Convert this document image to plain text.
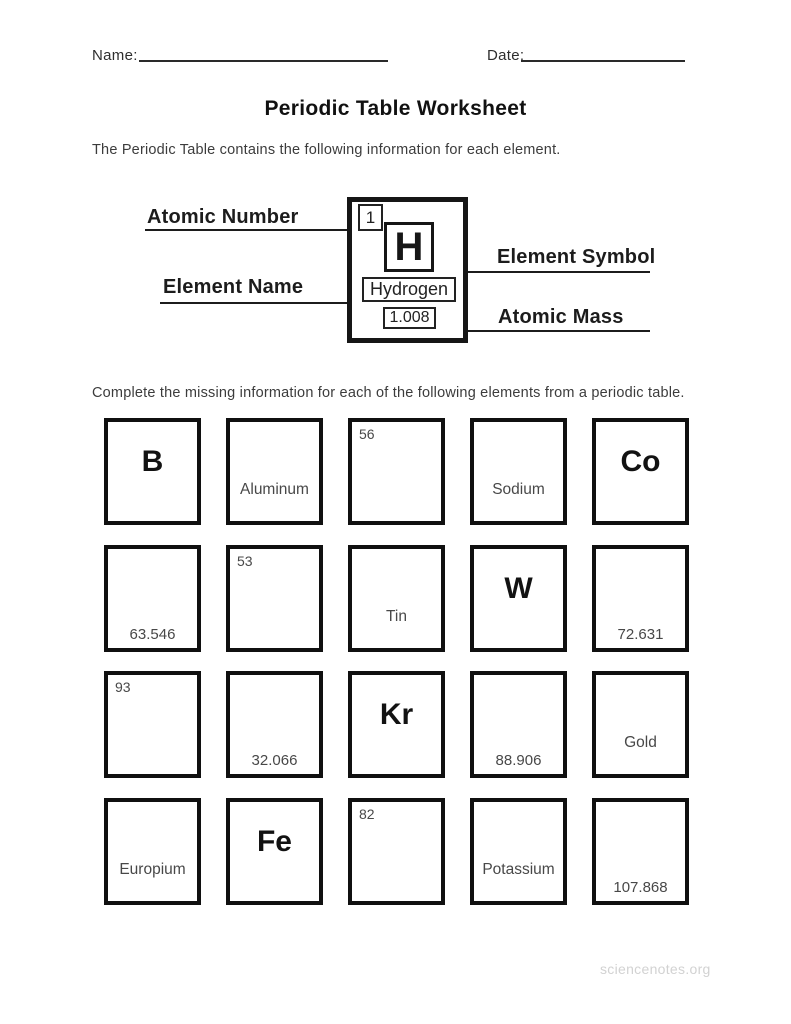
Name:	Date:
Periodic Table Worksheet
The Periodic Table contains the following information for each element.
Atomic Number
Element Symbol
Element Name
Atomic Mass
1
H
Hydrogen
1.008
Complete the missing information for each of the following elements from a periodic table.
B
Aluminum
56
Sodium
Co
63.546
53
Tin
W
72.631
93
32.066
Kr
88.906
Gold
Europium
Fe
82
Potassium
107.868
sciencenotes.org
